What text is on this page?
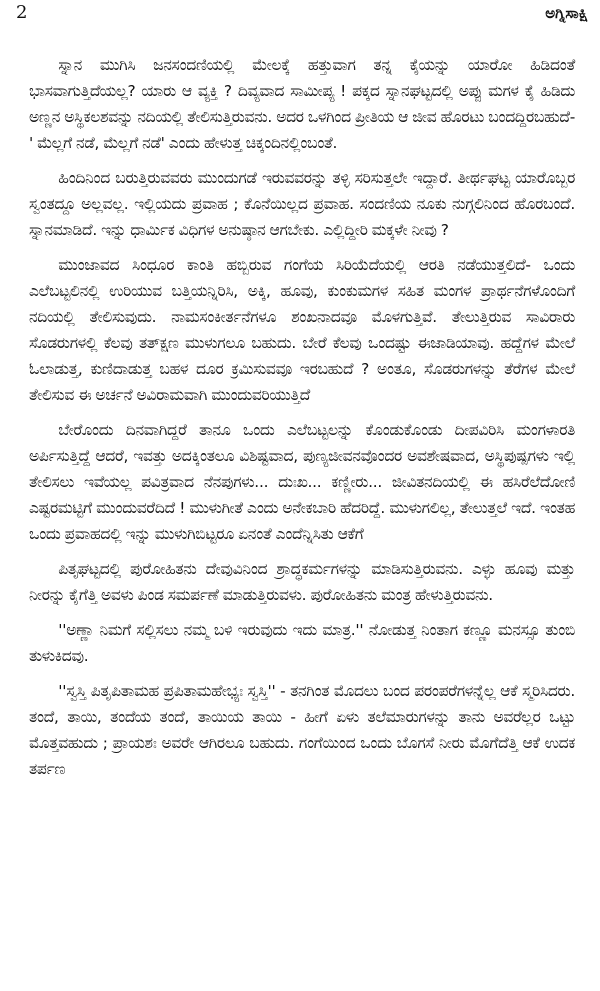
2	ಅಗ್ನಿಸಾಕ್ಷಿ

ಸ್ನಾನ ಮುಗಿಸಿ ಜನಸಂದಣಿಯಲ್ಲಿ ಮೇಲಕ್ಕೆ ಹತ್ತುವಾಗ ತನ್ನ ಕೈಯನ್ನು ಯಾರೋ ಹಿಡಿದಂತೆ ಭಾಸವಾಗುತ್ತಿದೆಯಲ್ಲ? ಯಾರು ಆ ವ್ಯಕ್ತಿ ? ದಿವ್ಯವಾದ ಸಾಮೀಪ್ಯ ! ಪಕ್ಕದ ಸ್ನಾನಘಟ್ಟದಲ್ಲಿ ಅಪ್ಪು ಮಗಳ ಕೈ ಹಿಡಿದು ಅಣ್ಣನ ಅಸ್ಥಿಕಲಶವನ್ನು ನದಿಯಲ್ಲಿ ತೇಲಿಸುತ್ತಿರುವನು. ಅದರ ಒಳಗಿಂದ ಪ್ರೀತಿಯ ಆ ಜೀವ ಹೊರಟು ಬಂದದ್ದಿರಬಹುದೆ-' ಮೆಲ್ಲಗೆ ನಡೆ, ಮೆಲ್ಲಗೆ ನಡೆ' ಎಂದು ಹೇಳುತ್ತ ಚಿಕ್ಕಂದಿನಲ್ಲಿಂಬಂತೆ.

ಹಿಂದಿನಿಂದ ಬರುತ್ತಿರುವವರು ಮುಂದುಗಡೆ ಇರುವವರನ್ನು ತಳ್ಳಿ ಸರಿಸುತ್ತಲೇ ಇದ್ದಾರೆ. ತೀರ್ಥಘಟ್ಟ ಯಾರೊಬ್ಬರ ಸ್ವಂತದ್ದೂ ಅಲ್ಲವಲ್ಲ. ಇಲ್ಲಿಯದು ಪ್ರವಾಹ ; ಕೊನೆಯಿಲ್ಲದ ಪ್ರವಾಹ. ಸಂದಣಿಯ ನೂಕು ನುಗ್ಗಲಿನಿಂದ ಹೊರಬಂದೆ. ಸ್ನಾನಮಾಡಿದೆ. ಇನ್ನು ಧಾರ್ಮಿಕ ವಿಧಿಗಳ ಅನುಷ್ಠಾನ ಆಗಬೇಕು. ಎಲ್ಲಿದ್ದೀರಿ ಮಕ್ಕಳೇ ನೀವು ?

ಮುಂಜಾವದ ಸಿಂಧೂರ ಕಾಂತಿ ಹಬ್ಬಿರುವ ಗಂಗೆಯ ಸಿರಿಯೆದೆಯಲ್ಲಿ ಆರತಿ ನಡೆಯುತ್ತಲಿದೆ- ಒಂದು ಎಲೆಬಟ್ಟಲಿನಲ್ಲಿ ಉರಿಯುವ ಬತ್ತಿಯನ್ನಿರಿಸಿ, ಅಕ್ಕಿ, ಹೂವು, ಕುಂಕುಮಗಳ ಸಹಿತ ಮಂಗಳ ಪ್ರಾರ್ಥನೆಗಳೊಂದಿಗೆ ನದಿಯಲ್ಲಿ ತೇಲಿಸುವುದು. ನಾಮಸಂಕೀರ್ತನೆಗಳೂ ಶಂಖನಾದವೂ ಮೊಳಗುತ್ತಿವೆ. ತೇಲುತ್ತಿರುವ ಸಾವಿರಾರು ಸೊಡರುಗಳಲ್ಲಿ ಕೆಲವು ತತ್ಕ್ಷಣ ಮುಳುಗಲೂ ಬಹುದು. ಬೇರೆ ಕೆಲವು ಒಂದಷ್ಟು ಈಜಾಡಿಯಾವು. ಹದ್ದೆಗಳ ಮೇಲೆ ಓಲಾಡುತ್ತ, ಕುಣಿದಾಡುತ್ತ ಬಹಳ ದೂರ ಕ್ರಮಿಸುವವೂ ಇರಬಹುದೆ ? ಅಂತೂ, ಸೊಡರುಗಳನ್ನು ತೆರೆಗಳ ಮೇಲೆ ತೇಲಿಸುವ ಈ ಅರ್ಚನೆ ಅವಿರಾಮವಾಗಿ ಮುಂದುವರಿಯುತ್ತಿದೆ

ಬೇರೊಂದು ದಿನವಾಗಿದ್ದರೆ ತಾನೂ ಒಂದು ಎಲೆಬಟ್ಟಲನ್ನು ಕೊಂಡುಕೊಂಡು ದೀಪವಿರಿಸಿ ಮಂಗಳಾರತಿ ಅರ್ಪಿಸುತ್ತಿದ್ದೆ ಆದರೆ, ಇವತ್ತು ಅದಕ್ಕಿಂತಲೂ ವಿಶಿಷ್ಟವಾದ, ಪುಣ್ಯಜೀವನವೊಂದರ ಅವಶೇಷವಾದ, ಅಸ್ಥಿಪುಷ್ಪಗಳು ಇಲ್ಲಿ ತೇಲಿಸಲು ಇವೆಯಲ್ಲ ಪವಿತ್ರವಾದ ನೆನಪುಗಳು... ದುಃಖ... ಕಣ್ಣೀರು... ಜೀವಿತನದಿಯಲ್ಲಿ ಈ ಹಸಿರೆಲೆದೋಣಿ ಎಷ್ಟರಮಟ್ಟಿಗೆ ಮುಂದುವರೆದಿದೆ ! ಮುಳುಗೀತೆ ಎಂದು ಅನೇಕಬಾರಿ ಹೆದರಿದ್ದೆ. ಮುಳುಗಲಿಲ್ಲ, ತೇಲುತ್ತಲೆ ಇದೆ. ಇಂತಹ ಒಂದು ಪ್ರವಾಹದಲ್ಲಿ ಇನ್ನು ಮುಳುಗಿಬಿಟ್ಟರೂ ಏನಂತೆ ಎಂದೆನ್ನಿಸಿತು ಆಕೆಗೆ

ಪಿತೃಘಟ್ಟದಲ್ಲಿ ಪುರೋಹಿತನು ದೇವುವಿನಿಂದ ಶ್ರಾದ್ಧಕರ್ಮಗಳನ್ನು ಮಾಡಿಸುತ್ತಿರುವನು. ಎಳ್ಳು ಹೂವು ಮತ್ತು ನೀರನ್ನು ಕೈಗೆತ್ತಿ ಅವಳು ಪಿಂಡ ಸಮರ್ಪಣೆ ಮಾಡುತ್ತಿರುವಳು. ಪುರೋಹಿತನು ಮಂತ್ರ ಹೇಳುತ್ತಿರುವನು.

''ಅಣ್ಣಾ ನಿಮಗೆ ಸಲ್ಲಿಸಲು ನಮ್ಮ ಬಳಿ ಇರುವುದು ಇದು ಮಾತ್ರ.'' ನೋಡುತ್ತ ನಿಂತಾಗ ಕಣ್ಣೂ ಮನಸ್ಸೂ ತುಂಬಿ ತುಳುಕಿದವು.

''ಸ್ವಸ್ತಿ ಪಿತೃಪಿತಾಮಹ ಪ್ರಪಿತಾಮಹೇಭ್ಯಃ ಸ್ವಸ್ತಿ'' - ತನಗಿಂತ ಮೊದಲು ಬಂದ ಪರಂಪರೆಗಳನ್ನೆಲ್ಲ ಆಕೆ ಸ್ಮರಿಸಿದರು. ತಂದೆ, ತಾಯಿ, ತಂದೆಯ ತಂದೆ, ತಾಯಿಯ ತಾಯಿ - ಹೀಗೆ ಏಳು ತಲೆಮಾರುಗಳನ್ನು ತಾನು ಅವರೆಲ್ಲರ ಒಟ್ಟು ಮೊತ್ತವಹುದು ; ಪ್ರಾಯಶಃ ಅವರೇ ಆಗಿರಲೂ ಬಹುದು. ಗಂಗೆಯಿಂದ ಒಂದು ಬೊಗಸೆ ನೀರು ಮೊಗೆದೆತ್ತಿ ಆಕೆ ಉದಕ ತರ್ಪಣ
